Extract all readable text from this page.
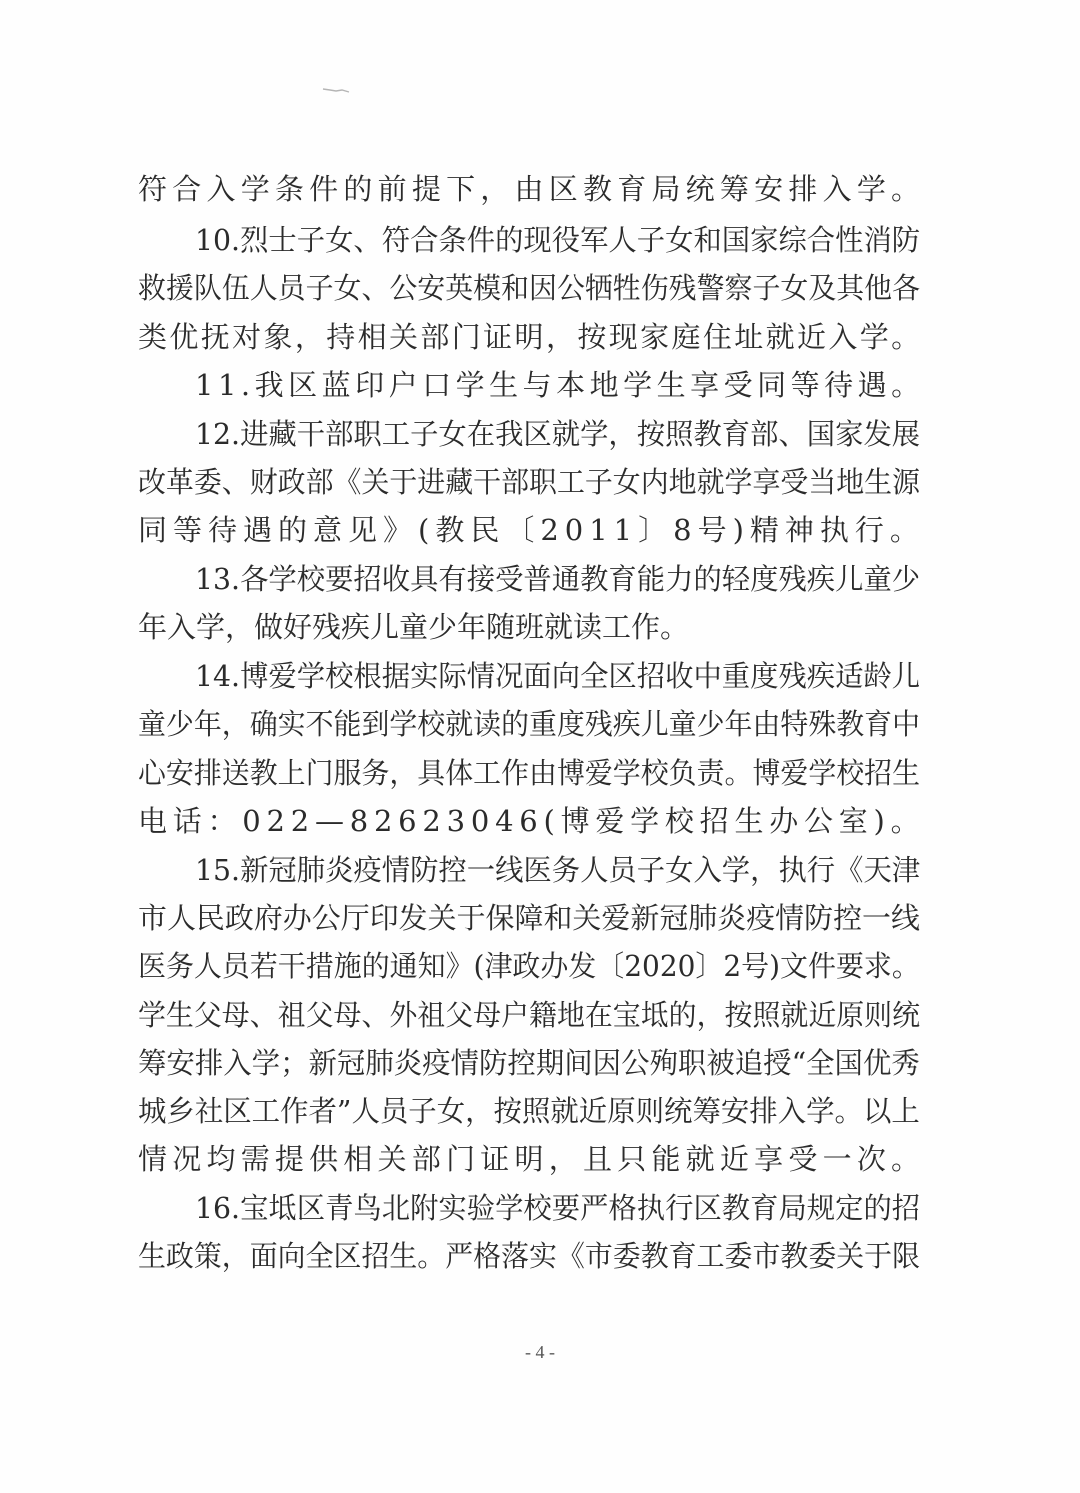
符合入学条件的前提下，由区教育局统筹安排入学。
10.烈士子女、符合条件的现役军人子女和国家综合性消防
救援队伍人员子女、公安英模和因公牺牲伤残警察子女及其他各
类优抚对象，持相关部门证明，按现家庭住址就近入学。
11.我区蓝印户口学生与本地学生享受同等待遇。
12.进藏干部职工子女在我区就学，按照教育部、国家发展
改革委、财政部《关于进藏干部职工子女内地就学享受当地生源
同等待遇的意见》(教民〔2011〕8号)精神执行。
13.各学校要招收具有接受普通教育能力的轻度残疾儿童少
年入学，做好残疾儿童少年随班就读工作。
14.博爱学校根据实际情况面向全区招收中重度残疾适龄儿
童少年，确实不能到学校就读的重度残疾儿童少年由特殊教育中
心安排送教上门服务，具体工作由博爱学校负责。博爱学校招生
电话：022—82623046(博爱学校招生办公室)。
15.新冠肺炎疫情防控一线医务人员子女入学，执行《天津
市人民政府办公厅印发关于保障和关爱新冠肺炎疫情防控一线
医务人员若干措施的通知》(津政办发〔2020〕2号)文件要求。
学生父母、祖父母、外祖父母户籍地在宝坻的，按照就近原则统
筹安排入学；新冠肺炎疫情防控期间因公殉职被追授“全国优秀
城乡社区工作者”人员子女，按照就近原则统筹安排入学。以上
情况均需提供相关部门证明，且只能就近享受一次。
16.宝坻区青鸟北附实验学校要严格执行区教育局规定的招
生政策，面向全区招生。严格落实《市委教育工委市教委关于限
- 4 -
